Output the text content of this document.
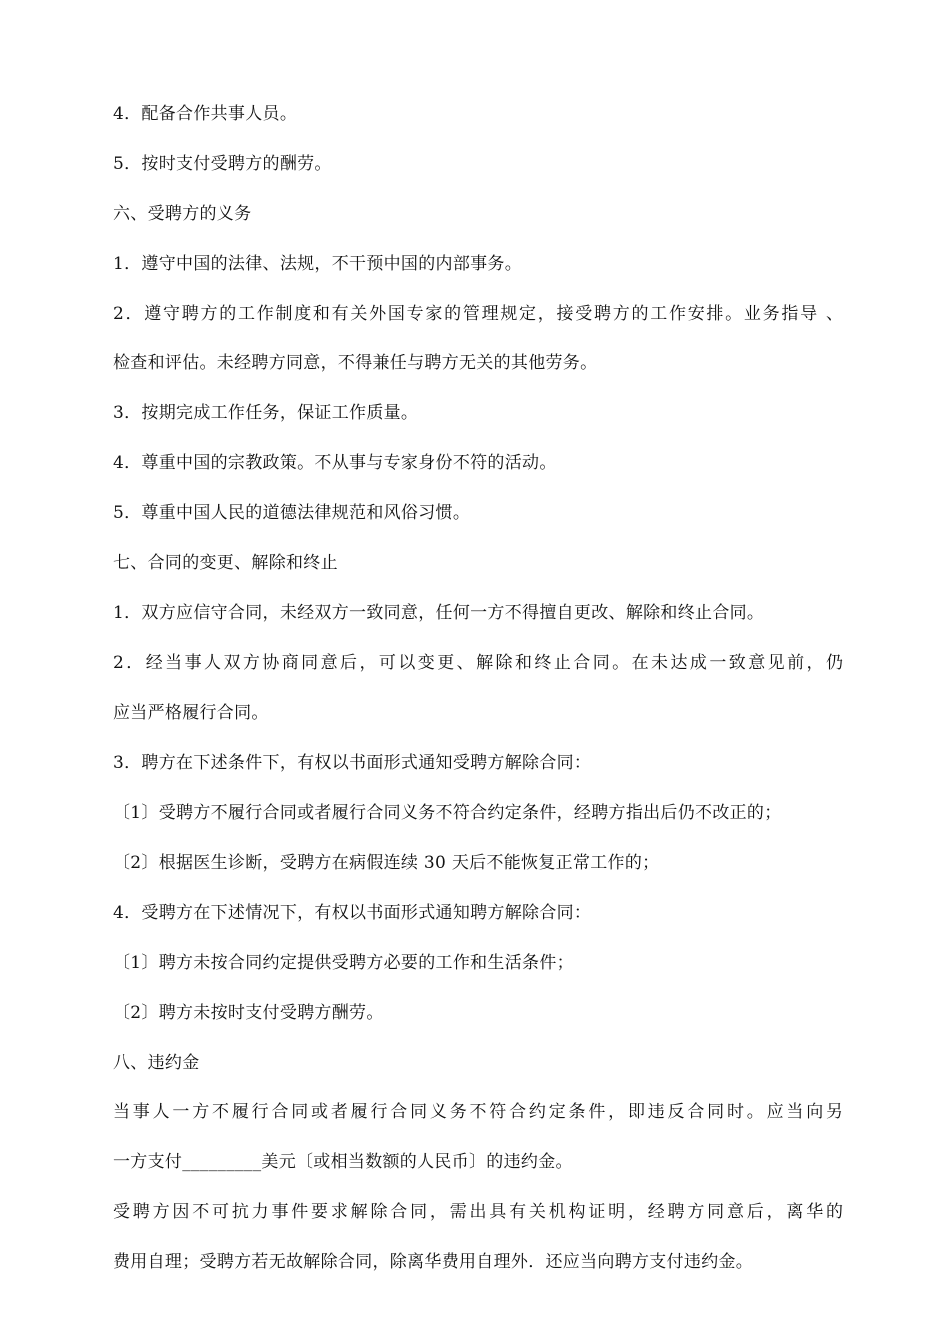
4．配备合作共事人员。
5．按时支付受聘方的酬劳。
六、受聘方的义务
1．遵守中国的法律、法规，不干预中国的内部事务。
2．遵守聘方的工作制度和有关外国专家的管理规定，接受聘方的工作安排。业务指导 、
检查和评估。未经聘方同意，不得兼任与聘方无关的其他劳务。
3．按期完成工作任务，保证工作质量。
4．尊重中国的宗教政策。不从事与专家身份不符的活动。
5．尊重中国人民的道德法律规范和风俗习惯。
七、合同的变更、解除和终止
1．双方应信守合同，未经双方一致同意，任何一方不得擅自更改、解除和终止合同。
2．经当事人双方协商同意后，可以变更、解除和终止合同。在未达成一致意见前，仍
应当严格履行合同。
3．聘方在下述条件下，有权以书面形式通知受聘方解除合同：
〔1〕受聘方不履行合同或者履行合同义务不符合约定条件，经聘方指出后仍不改正的；
〔2〕根据医生诊断，受聘方在病假连续 30 天后不能恢复正常工作的；
4．受聘方在下述情况下，有权以书面形式通知聘方解除合同：
〔1〕聘方未按合同约定提供受聘方必要的工作和生活条件；
〔2〕聘方未按时支付受聘方酬劳。
八、违约金
当事人一方不履行合同或者履行合同义务不符合约定条件，即违反合同时。应当向另
一方支付_________美元〔或相当数额的人民币〕的违约金。
受聘方因不可抗力事件要求解除合同，需出具有关机构证明，经聘方同意后，离华的
费用自理；受聘方若无故解除合同，除离华费用自理外．还应当向聘方支付违约金。
